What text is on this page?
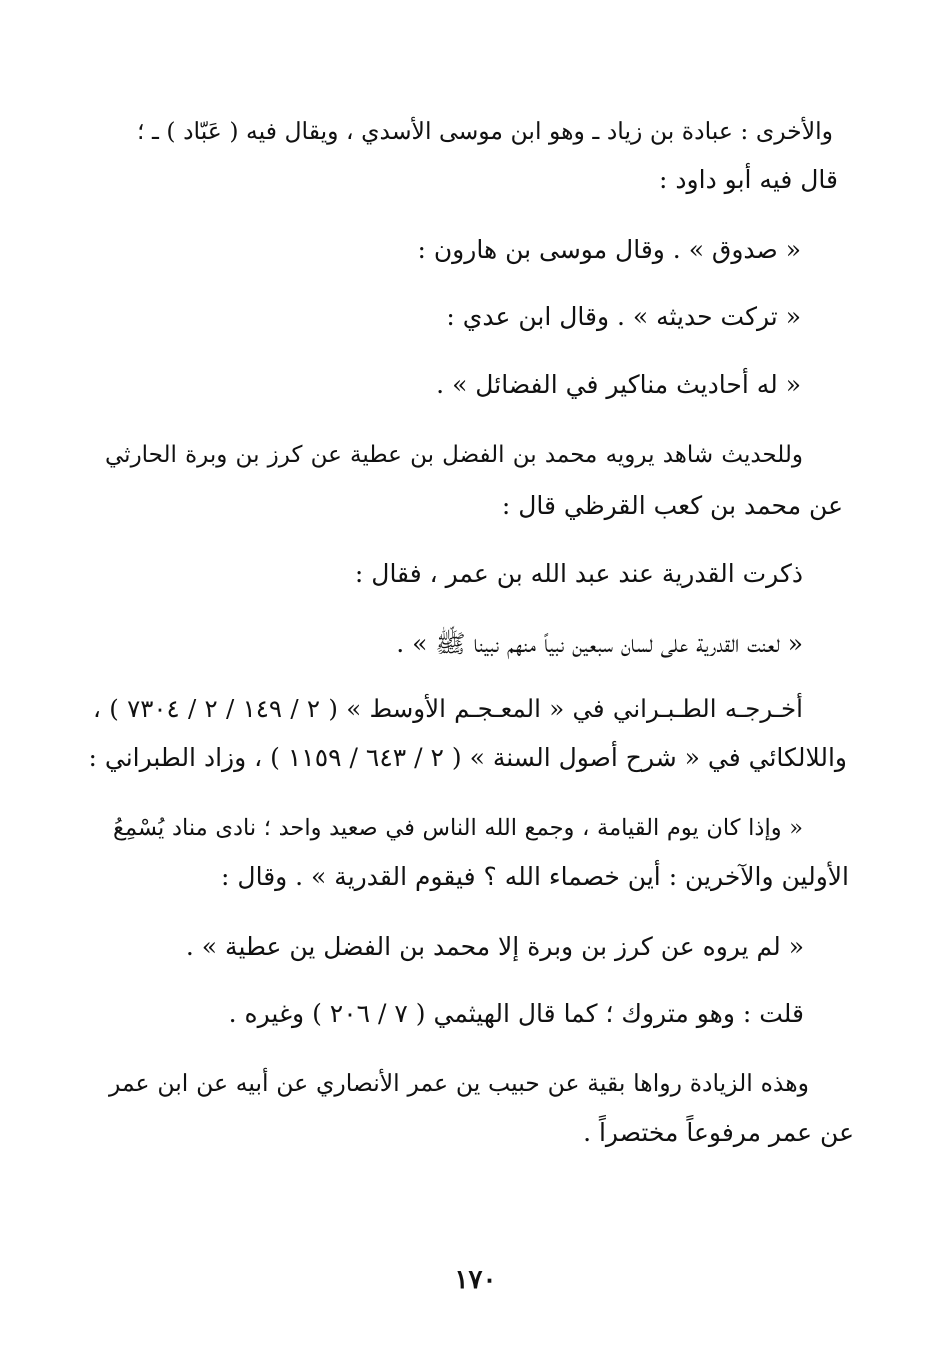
والأخرى : عبادة بن زياد ـ وهو ابن موسى الأسدي ، ويقال فيه ( عَبّاد ) ـ ؛
قال فيه أبو داود :
« صدوق » . وقال موسى بن هارون :
« تركت حديثه » . وقال ابن عدي :
« له أحاديث مناكير في الفضائل » .
وللحديث شاهد يرويه محمد بن الفضل بن عطية عن كرز بن وبرة الحارثي
عن محمد بن كعب القرظي قال :
ذكرت القدرية عند عبد الله بن عمر ، فقال :
« لعنت القدرية على لسان سبعين نبياً منهم نبينا ﷺ » .
أخـرجـه الطـبـراني في « المعـجـم الأوسط » ( ٢ / ١٤٩ / ٢ / ٧٣٠٤ ) ،
واللالكائي في « شرح أصول السنة » ( ٢ / ٦٤٣ / ١١٥٩ ) ، وزاد الطبراني :
« وإذا كان يوم القيامة ، وجمع الله الناس في صعيد واحد ؛ نادى مناد يُسْمِعُ
الأولين والآخرين : أين خصماء الله ؟ فيقوم القدرية » . وقال :
« لم يروه عن كرز بن وبرة إلا محمد بن الفضل ين عطية » .
قلت : وهو متروك ؛ كما قال الهيثمي ( ٧ / ٢٠٦ ) وغيره .
وهذه الزيادة رواها بقية عن حبيب ين عمر الأنصاري عن أبيه عن ابن عمر
عن عمر مرفوعاً مختصراً .
١٧٠
